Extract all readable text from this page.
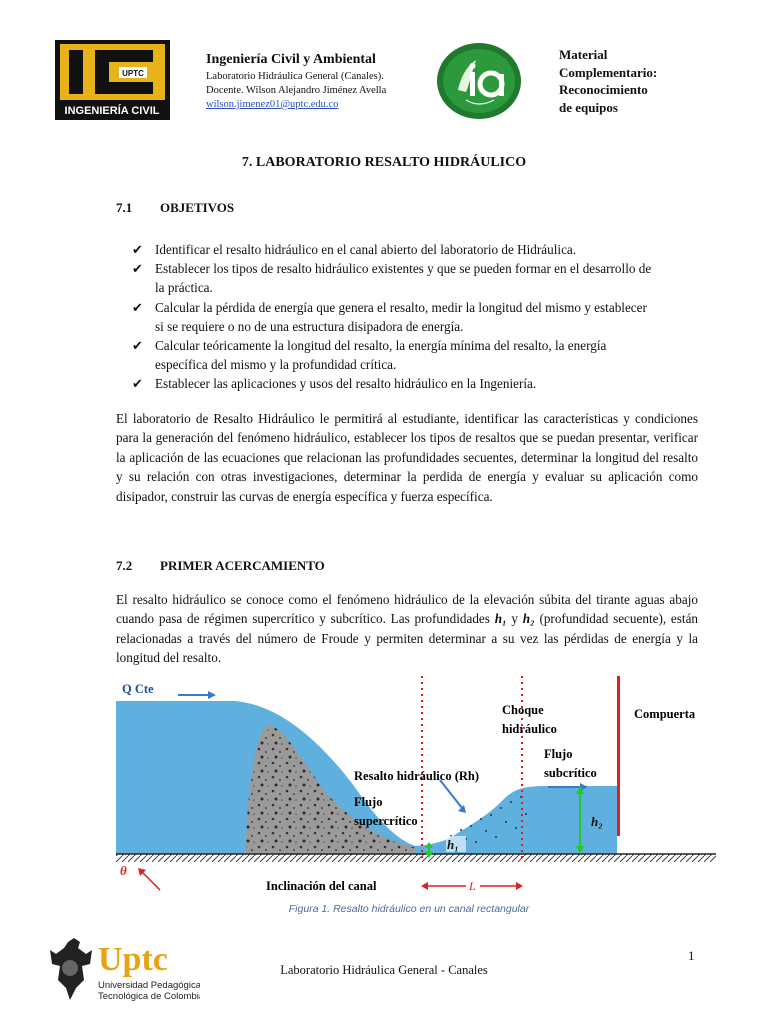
UPTC
INGENIERÍA CIVIL
Ingeniería Civil y Ambiental
Laboratorio Hidráulica General (Canales).
Docente. Wilson Alejandro Jiménez Avella
wilson.jimenez01@uptc.edu.co
Material
Complementario:
Reconocimiento
de equipos
7. LABORATORIO RESALTO HIDRÁULICO
7.1 OBJETIVOS
✔ Identificar el resalto hidráulico en el canal abierto del laboratorio de Hidráulica.
✔ Establecer los tipos de resalto hidráulico existentes y que se pueden formar en el desarrollo de la práctica.
✔ Calcular la pérdida de energía que genera el resalto, medir la longitud del mismo y establecer si se requiere o no de una estructura disipadora de energía.
✔ Calcular teóricamente la longitud del resalto, la energía mínima del resalto, la energía específica del mismo y la profundidad crítica.
✔ Establecer las aplicaciones y usos del resalto hidráulico en la Ingeniería.
El laboratorio de Resalto Hidráulico le permitirá al estudiante, identificar las características y condiciones para la generación del fenómeno hidráulico, establecer los tipos de resaltos que se puedan presentar, verificar la aplicación de las ecuaciones que relacionan las profundidades secuentes, determinar la longitud del resalto y su relación con otras investigaciones, determinar la perdida de energía y evaluar su aplicación como disipador, construir las curvas de energía específica y fuerza específica.
7.2 PRIMER ACERCAMIENTO
El resalto hidráulico se conoce como el fenómeno hidráulico de la elevación súbita del tirante aguas abajo cuando pasa de régimen supercrítico y subcrítico. Las profundidades h₁ y h₂ (profundidad secuente), están relacionadas a través del número de Froude y permiten determinar a su vez las pérdidas de energía y la longitud del resalto.
Q Cte
h₁
h₂
Choque
hidráulico
Compuerta
Flujo
subcrítico
Resalto hidráulico (Rh)
Flujo
supercrítico
θ
Inclinación del canal	L
Figura 1. Resalto hidráulico en un canal rectangular
Uptc
Universidad Pedagógica y
Tecnológica de Colombia
1
Laboratorio Hidráulica General - Canales
